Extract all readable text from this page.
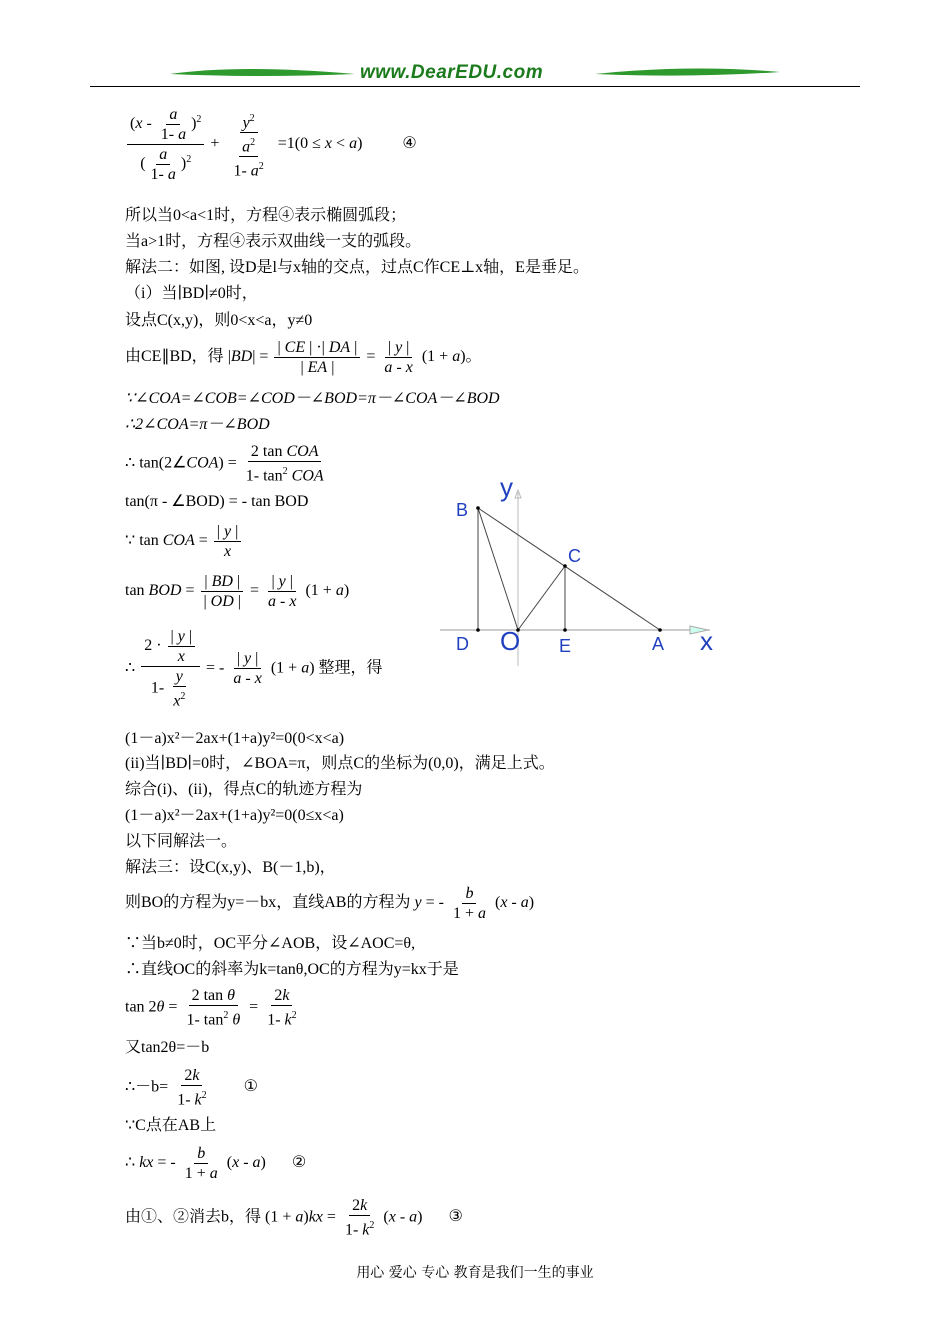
www.DearEDU.com
$\frac{(x - \frac{a}{1- a} )^2}{( \frac{a}{1- a} )^2} + \frac{y^2}{\frac{a^2}{1- a^2}} =1(0 \le x < a)$ ④
所以当0<a<1时，方程④表示椭圆弧段；
当a>1时，方程④表示双曲线一支的弧段。
解法二：如图, 设D是l与x轴的交点，过点C作CE⊥x轴，E是垂足。
（i）当∣BD∣≠0时，
设点C(x,y)，则0<x<a，y≠0
由CE∥BD，得 $|BD| = \frac{| CE | \cdot| DA |}{| EA |} = \frac{| y |}{a - x} (1 + a)$。
∵∠COA=∠COB=∠COD－∠BOD=π－∠COA－∠BOD
∴2∠COA=π－∠BOD
∴ tan(2∠COA) = $\frac{\text{2 tan COA}}{1- \tan^2 COA}$
tan(π - ∠BOD) = - tan BOD
∵ tan COA = $\frac{| y |}{x}$
tan BOD = $\frac{| BD |}{| OD |} = \frac{| y |}{a - x} (1 + a)$
∴ $\frac{2 \cdot \frac{| y |}{x}}{1- \frac{y}{x^2}}$ = - $\frac{| y |}{a - x} (1 + a)$ 整理，得
(1－a)x²－2ax+(1+a)y²=0(0<x<a)
(ii)当∣BD∣=0时，∠BOA=π，则点C的坐标为(0,0)，满足上式。
综合(i)、(ii)，得点C的轨迹方程为
(1－a)x²－2ax+(1+a)y²=0(0≤x<a)
以下同解法一。
解法三：设C(x,y)、B(－1,b)，
则BO的方程为y=－bx，直线AB的方程为 y = - $\frac{b}{1 + a} (x - a)$
∵当b≠0时，OC平分∠AOB，设∠AOC=θ,
∴直线OC的斜率为k=tanθ,OC的方程为y=kx于是
$\tan 2\theta = \frac{\text{2 tan θ}}{1- \tan^2 \theta} = \frac{2k}{1- k^2}$
又tan2θ=－b
∴－b= $\frac{2k}{1- k^2}$ ①
∵C点在AB上
∴ kx = - $\frac{b}{1 + a} (x - a)$ ②
由①、②消去b，得 $(1 + a)kx = \frac{2k}{1- k^2} (x - a)$ ③
y
B
C
D O E	A x
用心 爱心 专心 教育是我们一生的事业
